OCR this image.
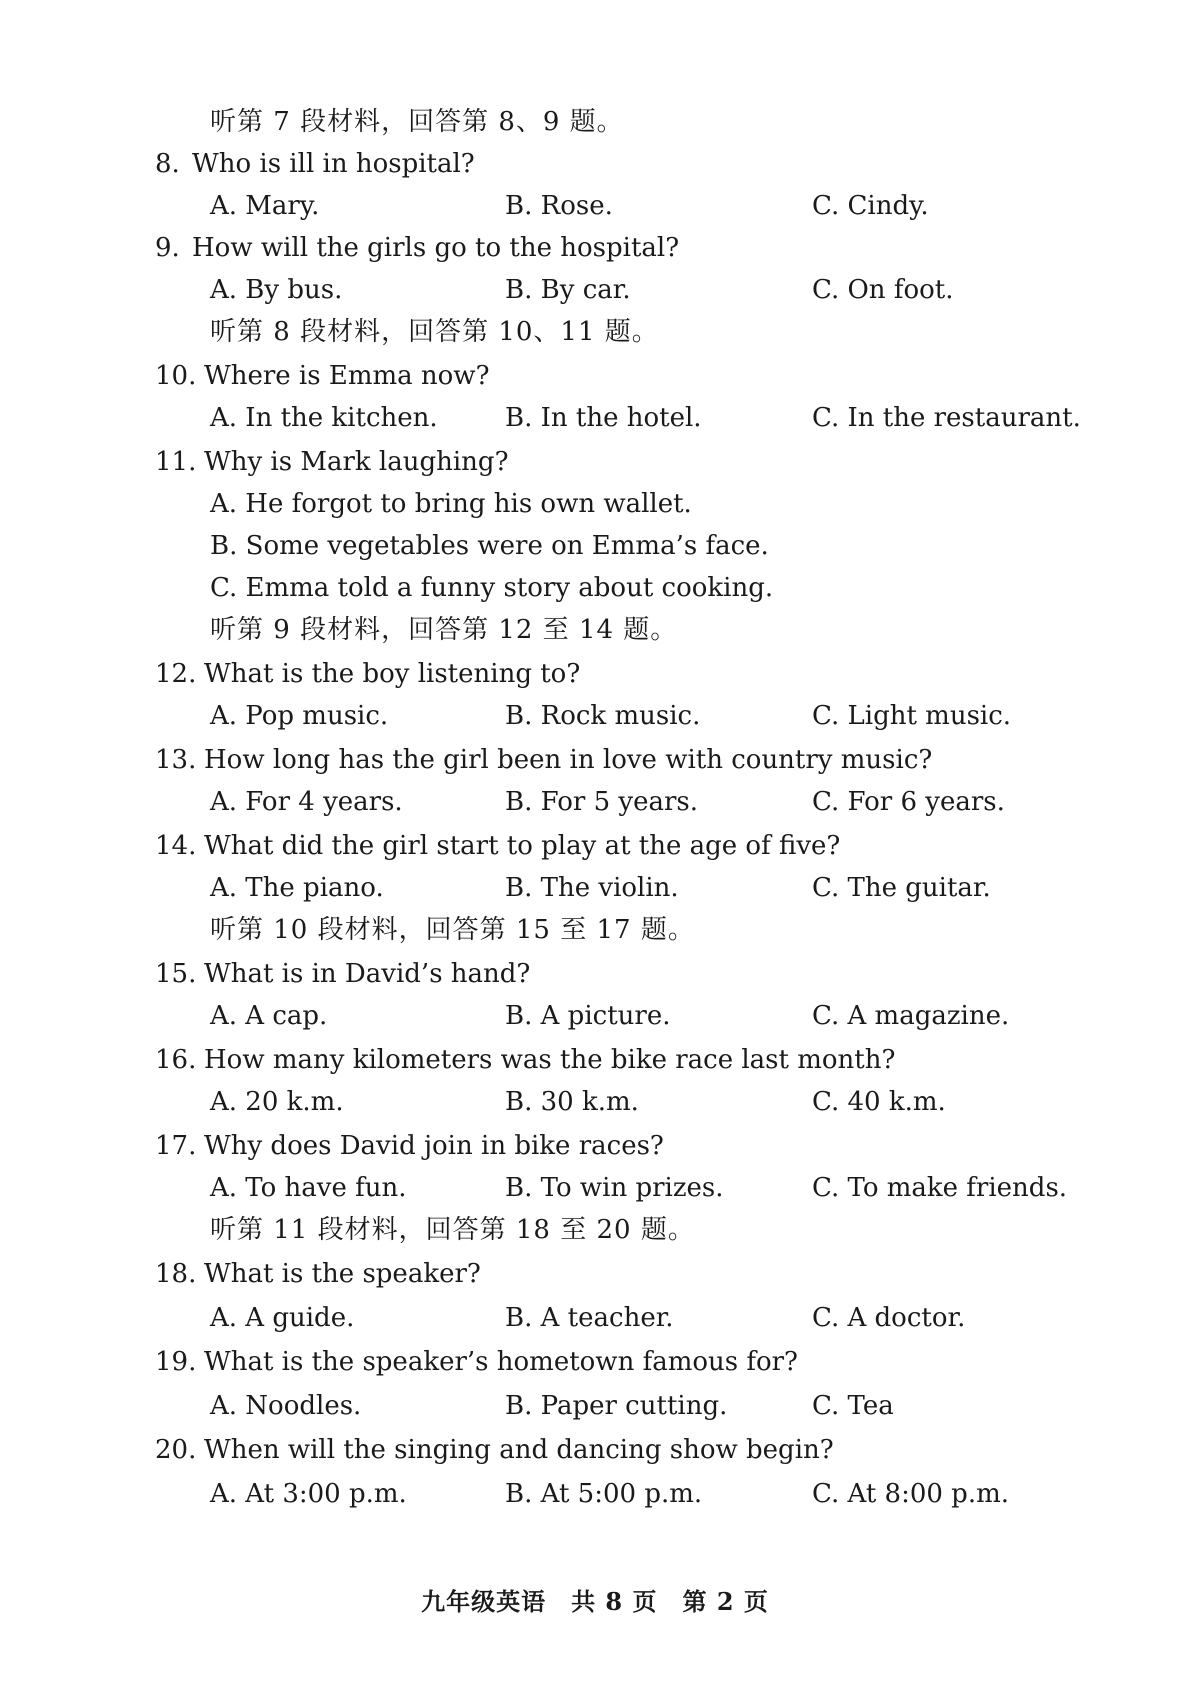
听第 7 段材料，回答第 8、9 题。
8. Who is ill in hospital?
A. Mary.	B. Rose.	C. Cindy.
9. How will the girls go to the hospital?
A. By bus.	B. By car.	C. On foot.
听第 8 段材料，回答第 10、11 题。
10. Where is Emma now?
A. In the kitchen.	B. In the hotel.	C. In the restaurant.
11. Why is Mark laughing?
A. He forgot to bring his own wallet.
B. Some vegetables were on Emma’s face.
C. Emma told a funny story about cooking.
听第 9 段材料，回答第 12 至 14 题。
12. What is the boy listening to?
A. Pop music.	B. Rock music.	C. Light music.
13. How long has the girl been in love with country music?
A. For 4 years.	B. For 5 years.	C. For 6 years.
14. What did the girl start to play at the age of five?
A. The piano.	B. The violin.	C. The guitar.
听第 10 段材料，回答第 15 至 17 题。
15. What is in David’s hand?
A. A cap.	B. A picture.	C. A magazine.
16. How many kilometers was the bike race last month?
A. 20 k.m.	B. 30 k.m.	C. 40 k.m.
17. Why does David join in bike races?
A. To have fun.	B. To win prizes.	C. To make friends.
听第 11 段材料，回答第 18 至 20 题。
18. What is the speaker?
A. A guide.	B. A teacher.	C. A doctor.
19. What is the speaker’s hometown famous for?
A. Noodles.	B. Paper cutting.	C. Tea
20. When will the singing and dancing show begin?
A. At 3:00 p.m.	B. At 5:00 p.m.	C. At 8:00 p.m.
九年级英语　共 8 页　第 2 页
